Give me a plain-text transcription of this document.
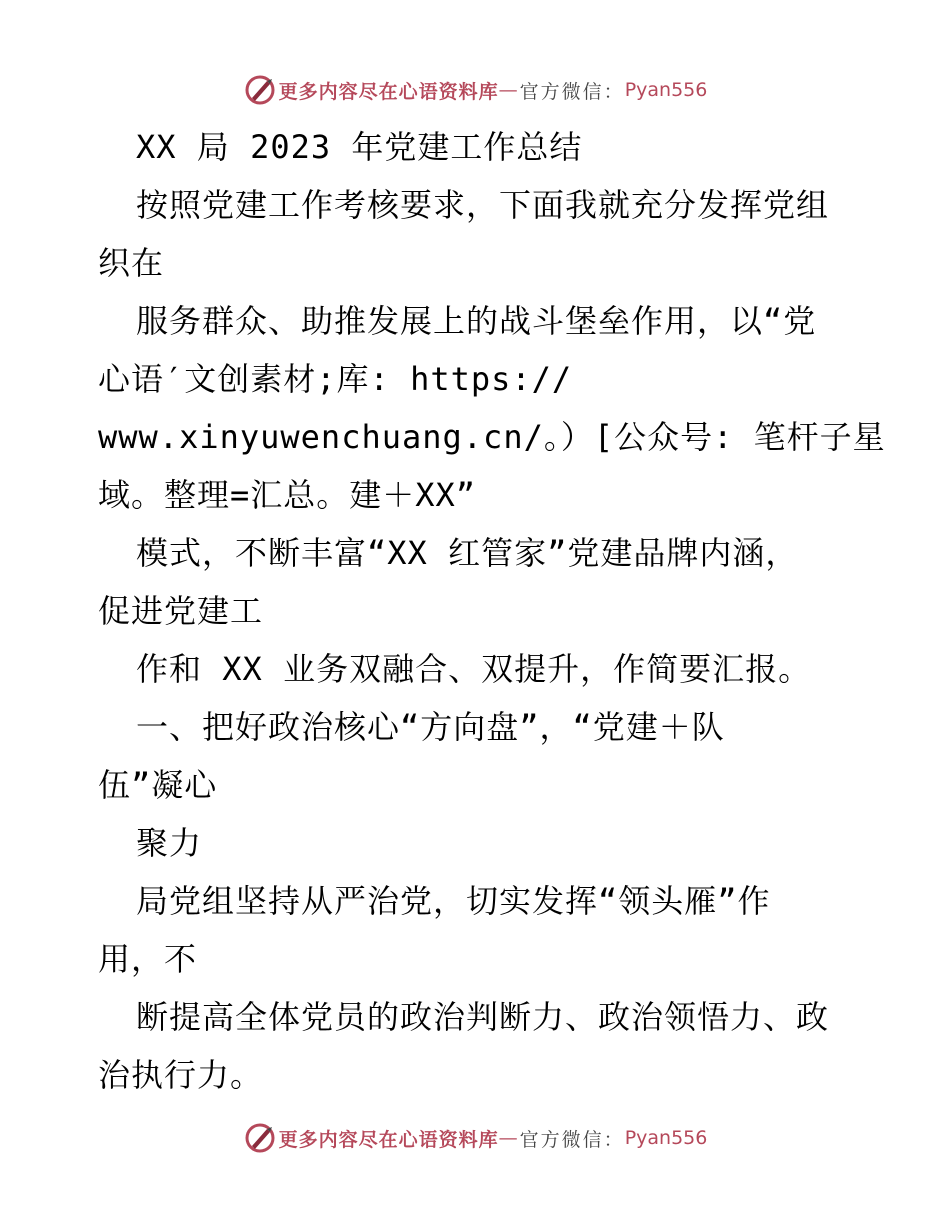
更多内容尽在心语资料库 — 官方微信： Pyan556
XX 局 2023 年党建工作总结
按照党建工作考核要求，下面我就充分发挥党组
织在
服务群众、助推发展上的战斗堡垒作用，以“党
心语′文创素材;库: https://
www.xinyuwenchuang.cn/。）[公众号: 笔杆子星
域。整理=汇总。建＋XX”
模式，不断丰富“XX 红管家”党建品牌内涵，
促进党建工
作和 XX 业务双融合、双提升，作简要汇报。
一、把好政治核心“方向盘”，“党建＋队
伍”凝心
聚力
局党组坚持从严治党，切实发挥“领头雁”作
用，不
断提高全体党员的政治判断力、政治领悟力、政
治执行力。
更多内容尽在心语资料库 — 官方微信： Pyan556
